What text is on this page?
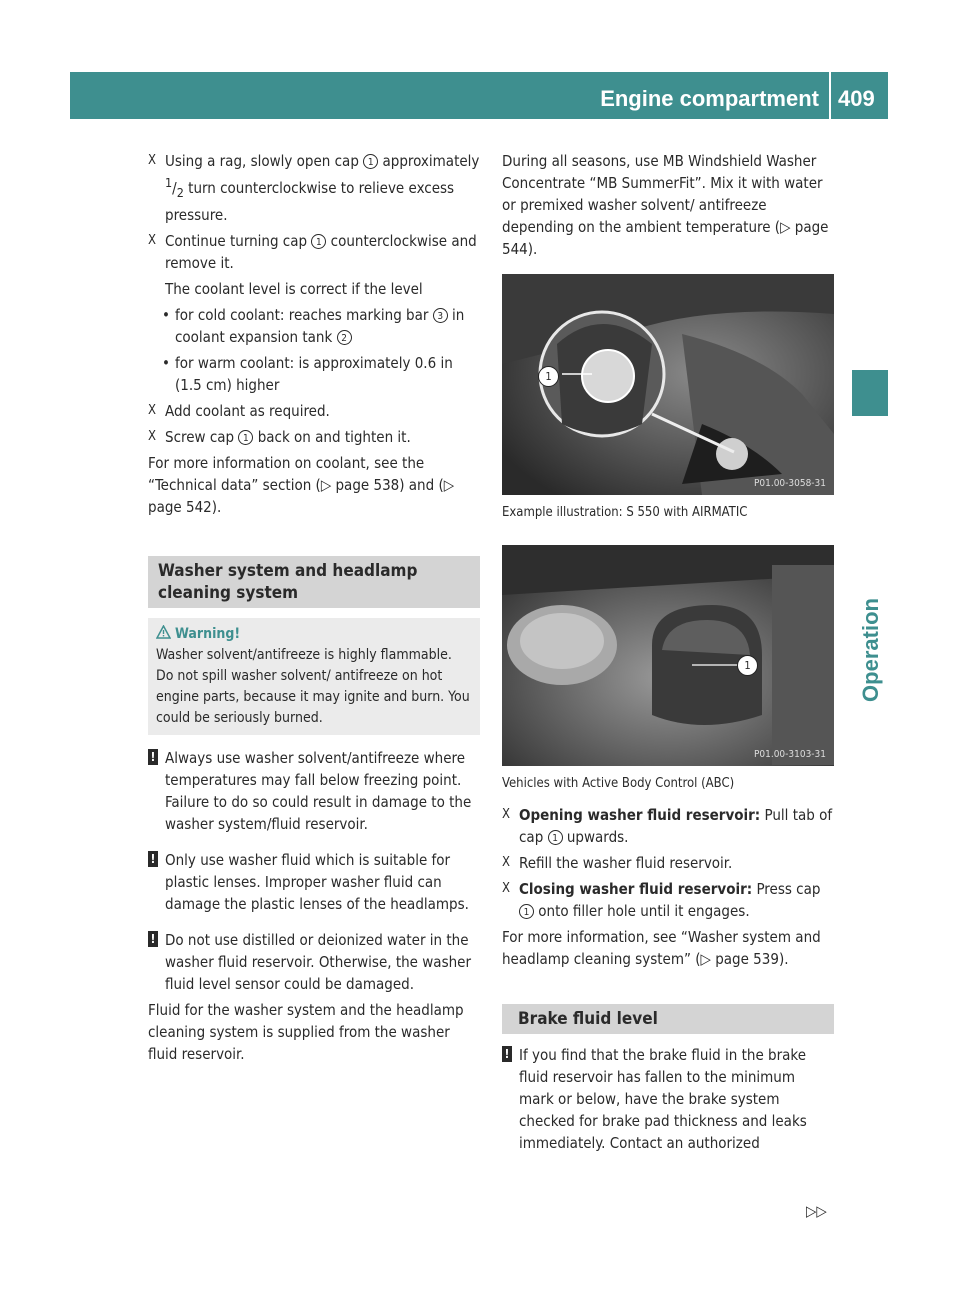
Engine compartment 409
Operation
X Using a rag, slowly open cap 1 approximately $^1/_2$ turn counterclockwise to relieve excess pressure.
X Continue turning cap 1 counterclockwise and remove it.
The coolant level is correct if the level
• for cold coolant: reaches marking bar 3 in coolant expansion tank 2
• for warm coolant: is approximately 0.6 in (1.5 cm) higher
X Add coolant as required.
X Screw cap 1 back on and tighten it.

For more information on coolant, see the “Technical data” section (▷ page 538) and (▷ page 542).

Washer system and headlamp cleaning system
Warning!
Washer solvent/antifreeze is highly flammable. Do not spill washer solvent/ antifreeze on hot engine parts, because it may ignite and burn. You could be seriously burned.
! Always use washer solvent/antifreeze where temperatures may fall below freezing point. Failure to do so could result in damage to the washer system/fluid reservoir.
! Only use washer fluid which is suitable for plastic lenses. Improper washer fluid can damage the plastic lenses of the headlamps.
! Do not use distilled or deionized water in the washer fluid reservoir. Otherwise, the washer fluid level sensor could be damaged.

Fluid for the washer system and the headlamp cleaning system is supplied from the washer fluid reservoir.

During all seasons, use MB Windshield Washer Concentrate “MB SummerFit”. Mix it with water or premixed washer solvent/ antifreeze depending on the ambient temperature (▷ page 544).

1
P01.00-3058-31
Example illustration: S 550 with AIRMATIC
1
P01.00-3103-31
Vehicles with Active Body Control (ABC)
X Opening washer fluid reservoir: Pull tab of cap 1 upwards.
X Refill the washer fluid reservoir.
X Closing washer fluid reservoir: Press cap 1 onto filler hole until it engages.

For more information, see “Washer system and headlamp cleaning system” (▷ page 539).

Brake fluid level
! If you find that the brake fluid in the brake fluid reservoir has fallen to the minimum mark or below, have the brake system checked for brake pad thickness and leaks immediately. Contact an authorized
▷▷
